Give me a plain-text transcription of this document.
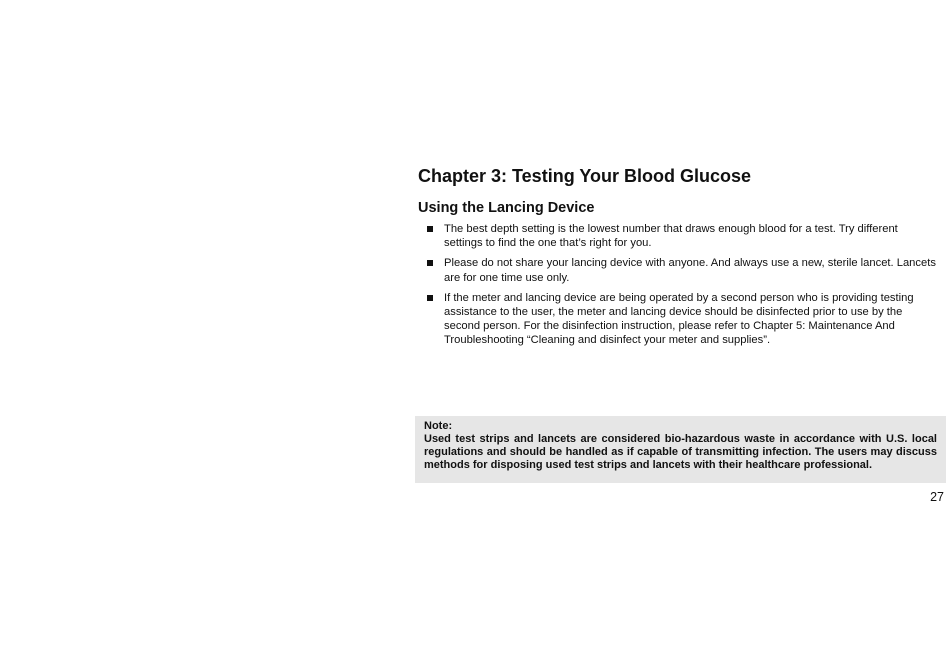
Chapter 3: Testing Your Blood Glucose
Using the Lancing Device
The best depth setting is the lowest number that draws enough blood for a test. Try different settings to find the one that’s right for you.
Please do not share your lancing device with anyone. And always use a new, sterile lancet. Lancets are for one time use only.
If the meter and lancing device are being operated by a second person who is providing testing assistance to the user, the meter and lancing device should be disinfected prior to use by the second person. For the disinfection instruction, please refer to Chapter 5: Maintenance And Troubleshooting “Cleaning and disinfect your meter and supplies”.

Note:

Used test strips and lancets are considered bio-hazardous waste in accordance with U.S. local regulations and should be handled as if capable of transmitting infection. The users may discuss methods for disposing used test strips and lancets with their healthcare professional.

27
